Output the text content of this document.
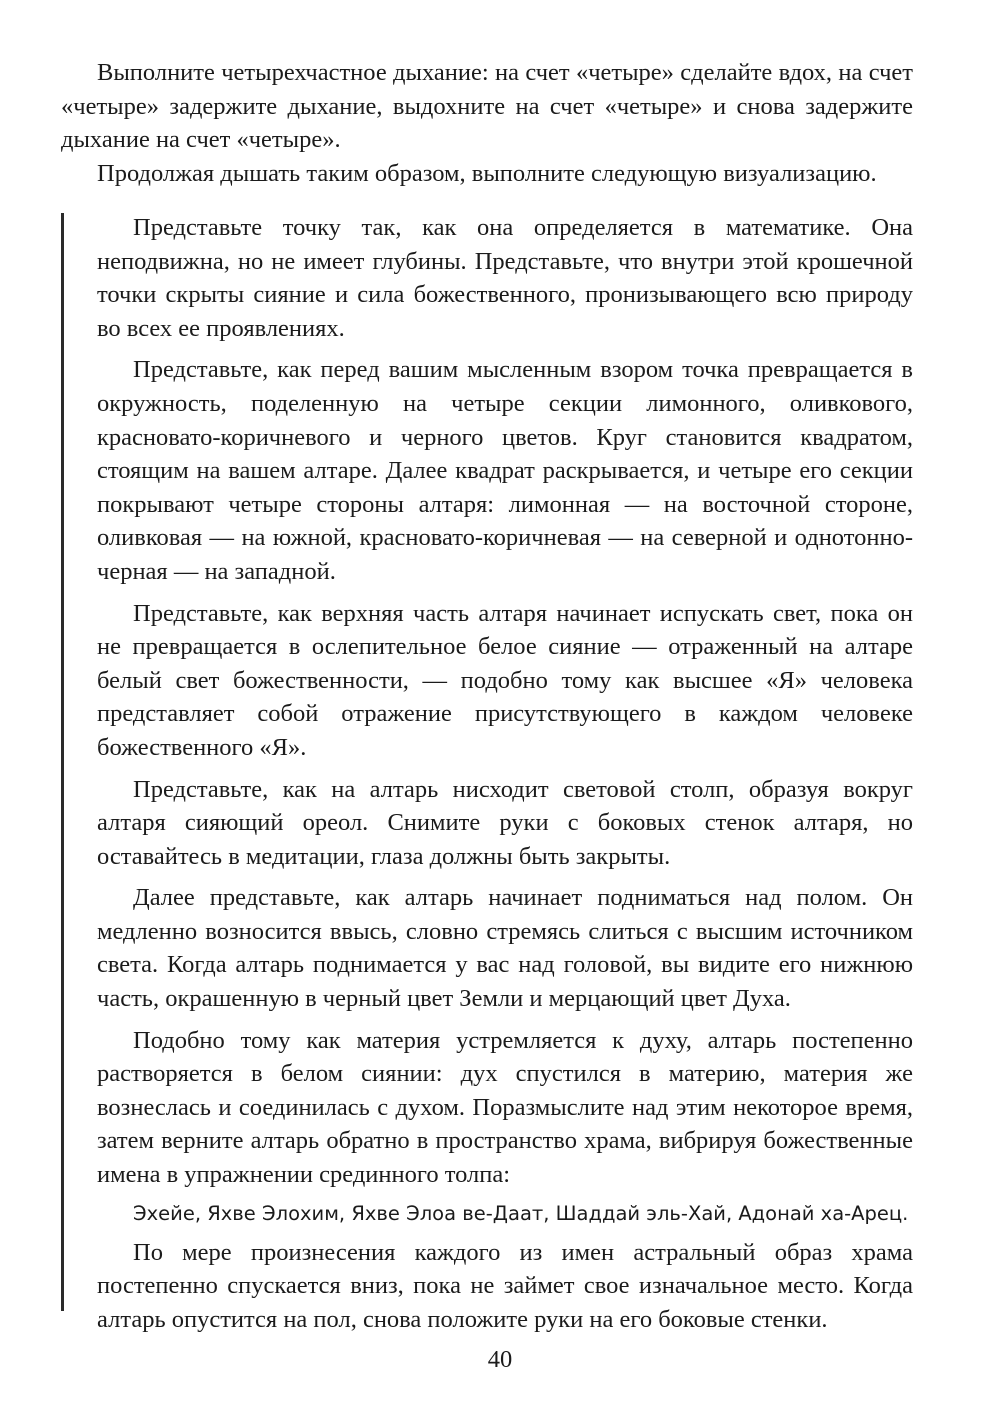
Выполните четырехчастное дыхание: на счет «четыре» сделайте вдох, на счет «четыре» задержите дыхание, выдохните на счет «четыре» и снова задержите дыхание на счет «четыре».

Продолжая дышать таким образом, выполните следующую визуализацию.

Представьте точку так, как она определяется в математике. Она неподвижна, но не имеет глубины. Представьте, что внутри этой крошечной точки скрыты сияние и сила божественного, пронизывающего всю природу во всех ее проявлениях.

Представьте, как перед вашим мысленным взором точка превращается в окружность, поделенную на четыре секции лимонного, оливкового, красновато-коричневого и черного цветов. Круг становится квадратом, стоящим на вашем алтаре. Далее квадрат раскрывается, и четыре его секции покрывают четыре стороны алтаря: лимонная — на восточной стороне, оливковая — на южной, красновато-коричневая — на северной и однотонно-черная — на западной.

Представьте, как верхняя часть алтаря начинает испускать свет, пока он не превращается в ослепительное белое сияние — отраженный на алтаре белый свет божественности, — подобно тому как высшее «Я» человека представляет собой отражение присутствующего в каждом человеке божественного «Я».

Представьте, как на алтарь нисходит световой столп, образуя вокруг алтаря сияющий ореол. Снимите руки с боковых стенок алтаря, но оставайтесь в медитации, глаза должны быть закрыты.

Далее представьте, как алтарь начинает подниматься над полом. Он медленно возносится ввысь, словно стремясь слиться с высшим источником света. Когда алтарь поднимается у вас над головой, вы видите его нижнюю часть, окрашенную в черный цвет Земли и мерцающий цвет Духа.

Подобно тому как материя устремляется к духу, алтарь постепенно растворяется в белом сиянии: дух спустился в материю, материя же вознеслась и соединилась с духом. Поразмыслите над этим некоторое время, затем верните алтарь обратно в пространство храма, вибрируя божественные имена в упражнении срединного толпа:

Эхейе, Яхве Элохим, Яхве Элоа ве-Даат, Шаддай эль-Хай, Адонай ха-Арец.

По мере произнесения каждого из имен астральный образ храма постепенно спускается вниз, пока не займет свое изначальное место. Когда алтарь опустится на пол, снова положите руки на его боковые стенки.

40
